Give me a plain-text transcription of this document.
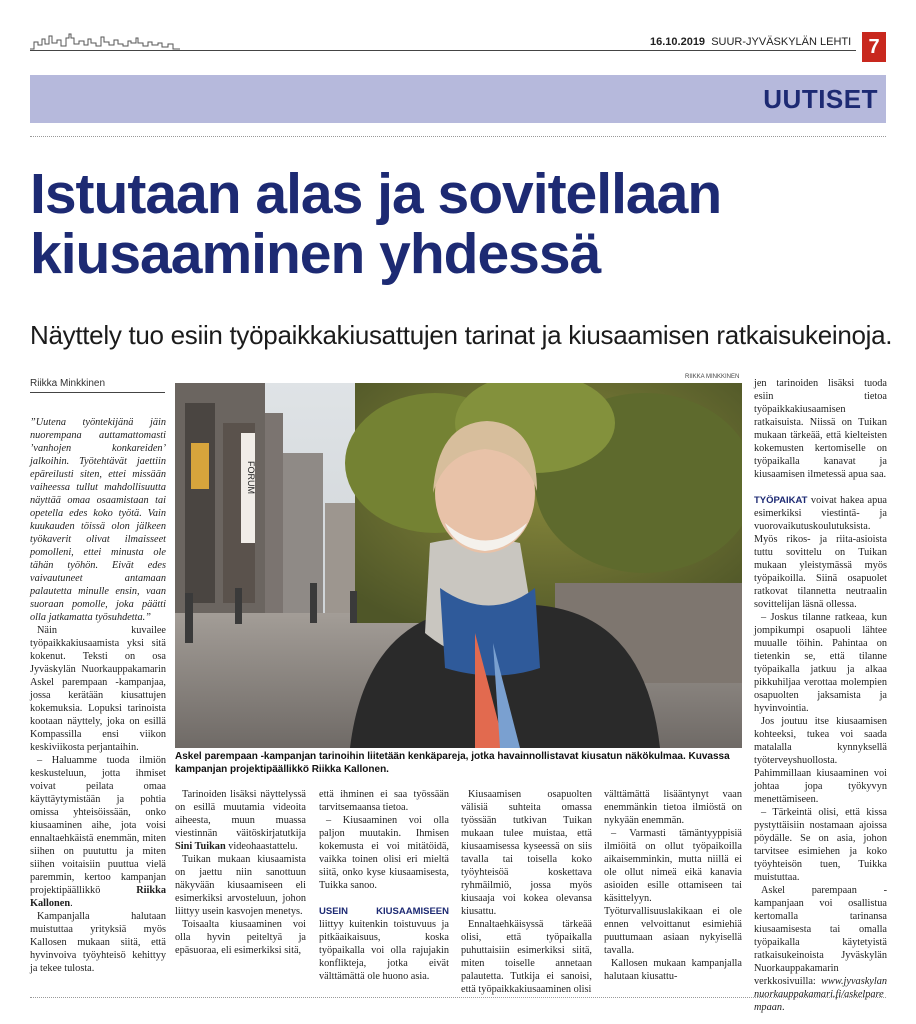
16.10.2019 SUUR-JYVÄSKYLÄN LEHTI 7
UUTISET
Istutaan alas ja sovitellaan
kiusaaminen yhdessä
Näyttely tuo esiin työpaikkakiusattujen tarinat ja kiusaamisen ratkaisukeinoja.
Riikka Minkkinen

”Uutena työntekijänä jäin nuorempana auttamattomasti ’vanhojen konkareiden’ jalkoihin. Työtehtävät jaettiin epäreilusti siten, ettei missään vaiheessa tullut mahdollisuutta näyttää omaa osaamistaan tai opetella edes koko työtä. Vain kuukauden töissä olon jälkeen työkaverit olivat ilmaisseet pomolleni, ettei minusta ole tähän työhön. Eivät edes vaivautuneet antamaan palautetta minulle ensin, vaan suoraan pomolle, joka päätti olla jatkamatta työsuhdetta.”

Näin kuvailee työpaikkakiusaamista yksi sitä kokenut. Teksti on osa Jyväskylän Nuorkauppakamarin Askel parempaan -kampanjaa, jossa kerätään kiusattujen kokemuksia. Lopuksi tarinoista kootaan näyttely, joka on esillä Kompassilla ensi viikon keskiviikosta perjantaihin.

– Haluamme tuoda ilmiön keskusteluun, jotta ihmiset voivat peilata omaa käyttäytymistään ja pohtia omissa yhteisöissään, onko kiusaaminen aihe, jota voisi ennaltaehkäistä enemmän, miten siihen on puututtu ja miten siihen voitaisiin puuttua vielä paremmin, kertoo kampanjan projektipäällikkö Riikka Kallonen.

Kampanjalla halutaan muistuttaa yrityksiä myös Kallosen mukaan siitä, että hyvinvoiva työyhteisö kehittyy ja tekee tulosta.

RIIKKA MINKKINEN
FORUM
Askel parempaan -kampanjan tarinoihin liitetään kenkäpareja, jotka havainnollistavat kiusatun näkökulmaa. Kuvassa kampanjan projektipäällikkö Riikka Kallonen.

Tarinoiden lisäksi näyttelyssä on esillä muutamia videoita aiheesta, muun muassa viestinnän väitöskirjatutkija Sini Tuikan videohaastattelu.

Tuikan mukaan kiusaamista on jaettu niin sanottuun näkyvään kiusaamiseen eli esimerkiksi arvosteluun, johon liittyy usein kasvojen menetys.

Toisaalta kiusaaminen voi olla hyvin peiteltyä ja epäsuoraa, eli esimerkiksi sitä,

että ihminen ei saa työssään tarvitsemaansa tietoa.

– Kiusaaminen voi olla paljon muutakin. Ihmisen kokemusta ei voi mitätöidä, vaikka toinen olisi eri mieltä siitä, onko kyse kiusaamisesta, Tuikka sanoo.

USEIN KIUSAAMISEEN liittyy kuitenkin toistuvuus ja pitkäaikaisuus, koska työpaikalla voi olla rajujakin konflikteja, jotka eivät välttämättä ole huono asia.

Kiusaamisen osapuolten välisiä suhteita omassa työssään tutkivan Tuikan mukaan tulee muistaa, että kiusaamisessa kyseessä on siis tavalla tai toisella koko työyhteisöä koskettava ryhmäilmiö, jossa myös kiusaaja voi kokea olevansa kiusattu.

Ennaltaehkäisyssä tärkeää olisi, että työpaikalla puhuttaisiin esimerkiksi siitä, miten toiselle annetaan palautetta. Tutkija ei sanoisi, että työpaikkakiusaaminen olisi

välttämättä lisääntynyt vaan enemmänkin tietoa ilmiöstä on nykyään enemmän.

– Varmasti tämäntyyppisiä ilmiöitä on ollut työpaikoilla aikaisemminkin, mutta niillä ei ole ollut nimeä eikä kanavia asioiden esille ottamiseen tai käsittelyyn. Työturvallisuuslakikaan ei ole ennen velvoittanut esimiehiä puuttumaan asiaan nykyisellä tavalla.

Kallosen mukaan kampanjalla halutaan kiusattu-

jen tarinoiden lisäksi tuoda esiin tietoa työpaikkakiusaamisen ratkaisuista. Niissä on Tuikan mukaan tärkeää, että kielteisten kokemusten kertomiselle on työpaikalla kanavat ja kiusaamisen ilmetessä apua saa.

TYÖPAIKAT voivat hakea apua esimerkiksi viestintä- ja vuorovaikutuskoulutuksista. Myös rikos- ja riita-asioista tuttu sovittelu on Tuikan mukaan yleistymässä myös työpaikoilla. Siinä osapuolet ratkovat tilannetta neutraalin sovittelijan läsnä ollessa.

– Joskus tilanne ratkeaa, kun jompikumpi osapuoli lähtee muualle töihin. Pahintaa on tietenkin se, että tilanne työpaikalla jatkuu ja alkaa pikkuhiljaa verottaa molempien osapuolten jaksamista ja hyvinvointia.

Jos joutuu itse kiusaamisen kohteeksi, tukea voi saada matalalla kynnyksellä työterveyshuollosta. Pahimmillaan kiusaaminen voi johtaa jopa työkyvyn menettämiseen.

– Tärkeintä olisi, että kissa pystyttäisiin nostamaan ajoissa pöydälle. Se on asia, johon tarvitsee esimiehen ja koko työyhteisön tuen, Tuikka muistuttaa.

Askel parempaan -kampanjaan voi osallistua kertomalla tarinansa kiusaamisesta tai omalla työpaikalla käytetyistä ratkaisukeinoista Jyväskylän Nuorkauppakamarin verkkosivuilla: www.jyvaskylannuorkauppakamari.fi/askelparempaan.
